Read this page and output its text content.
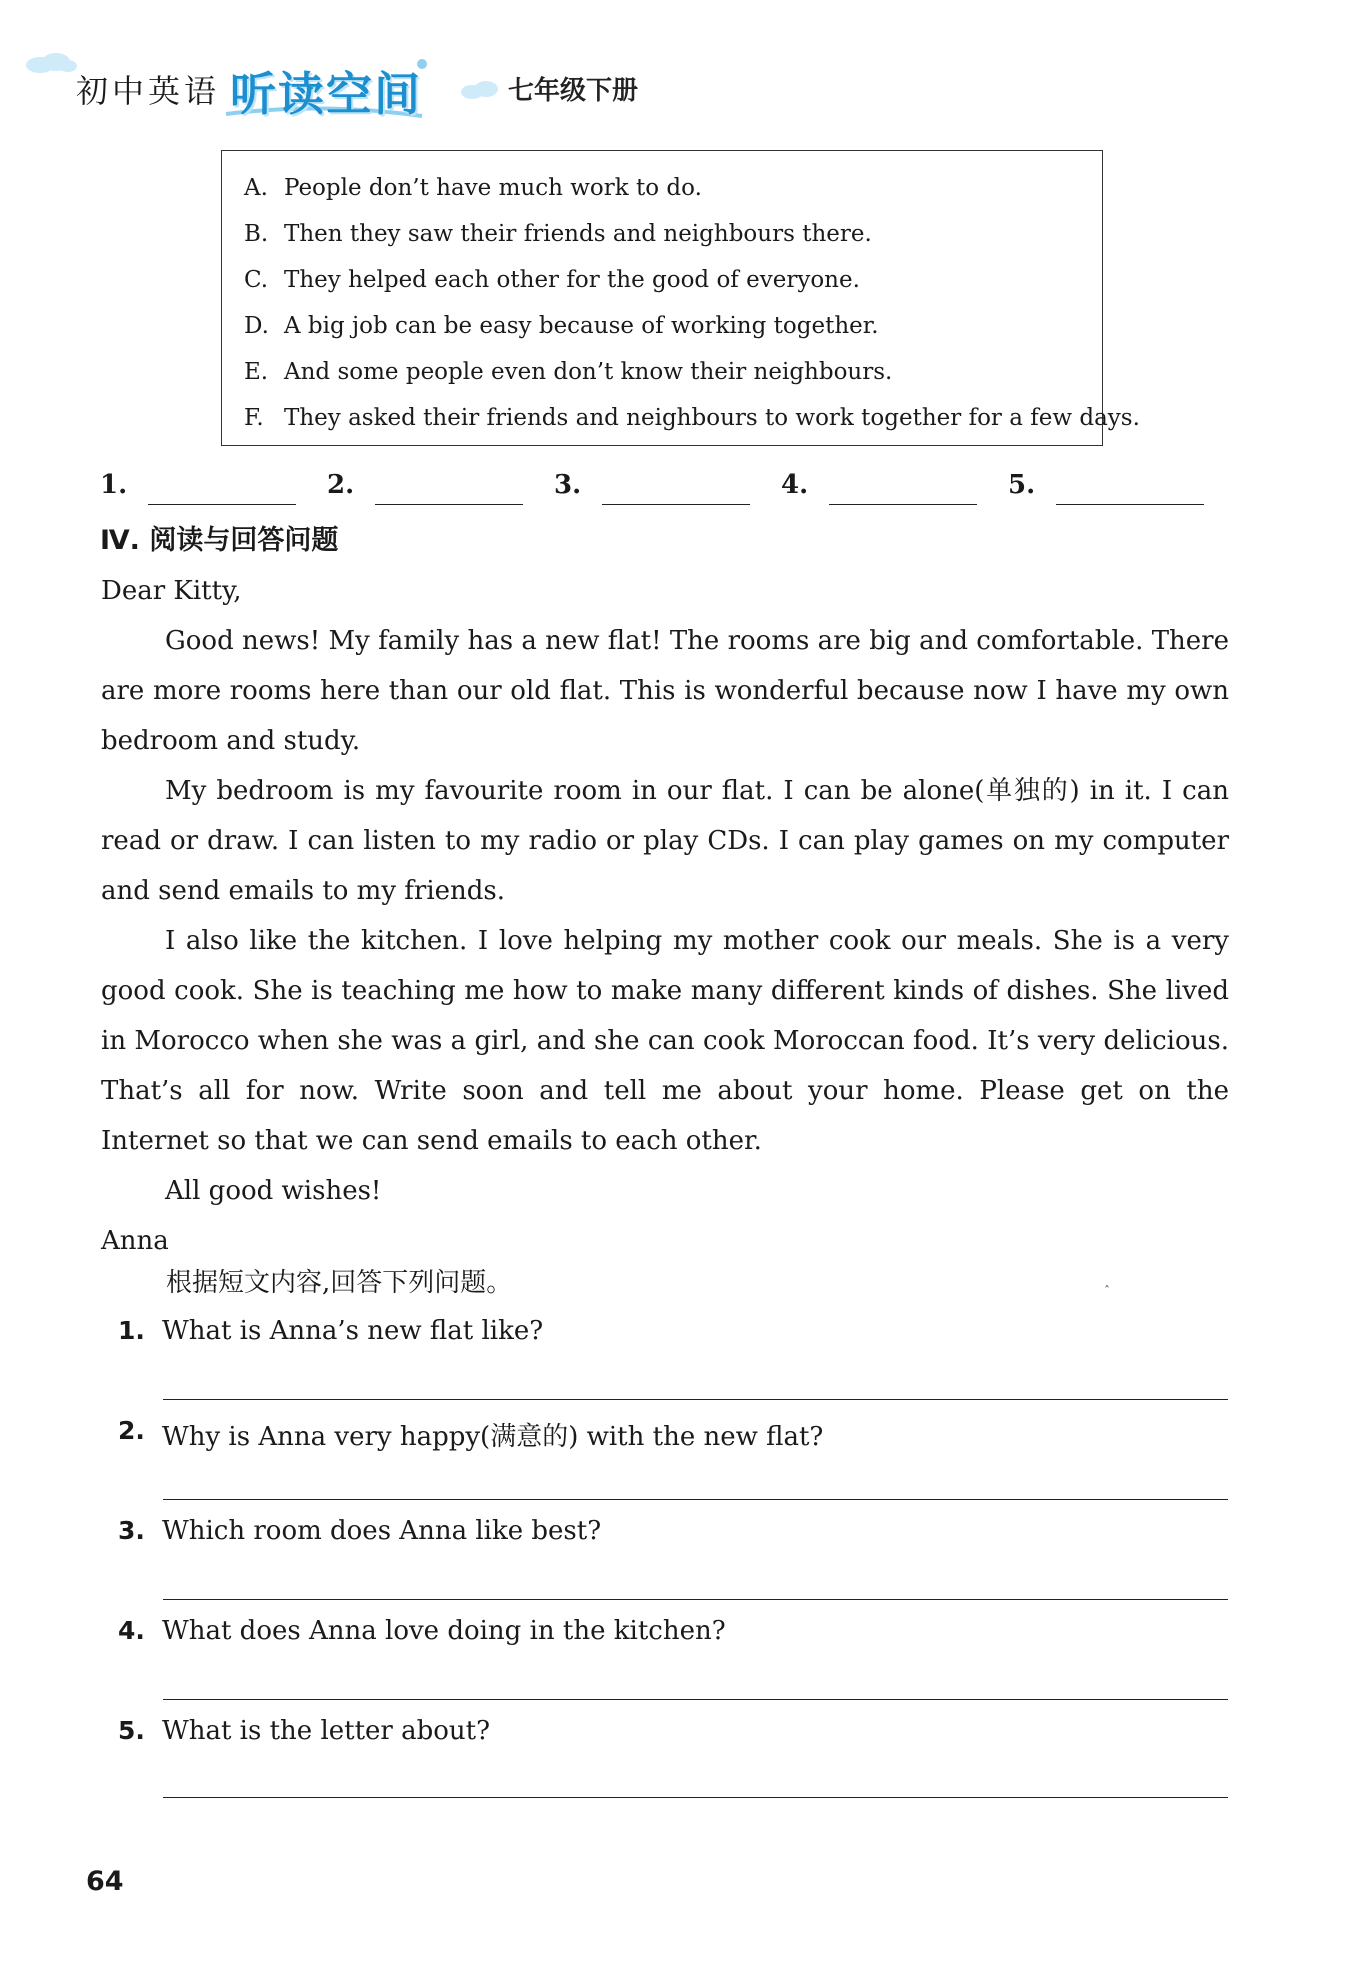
初中英语 听读空间	七年级下册
A. People don’t have much work to do.
B. Then they saw their friends and neighbours there.
C. They helped each other for the good of everyone.
D. A big job can be easy because of working together.
E. And some people even don’t know their neighbours.
F. They asked their friends and neighbours to work together for a few days.
1.	2.	3.	4.	5.
Ⅳ. 阅读与回答问题

Dear Kitty,

Good news! My family has a new flat! The rooms are big and comfortable. There are more rooms here than our old flat. This is wonderful because now I have my own bedroom and study.

My bedroom is my favourite room in our flat. I can be alone(单独的) in it. I can read or draw. I can listen to my radio or play CDs. I can play games on my computer and send emails to my friends.

I also like the kitchen. I love helping my mother cook our meals. She is a very good cook. She is teaching me how to make many different kinds of dishes. She lived in Morocco when she was a girl, and she can cook Moroccan food. It’s very delicious. That’s all for now. Write soon and tell me about your home. Please get on the Internet so that we can send emails to each other.

All good wishes!

Anna

根据短文内容,回答下列问题。	ˆ
1. What is Anna’s new flat like?
2. Why is Anna very happy(满意的) with the new flat?
3. Which room does Anna like best?
4. What does Anna love doing in the kitchen?
5. What is the letter about?
64
